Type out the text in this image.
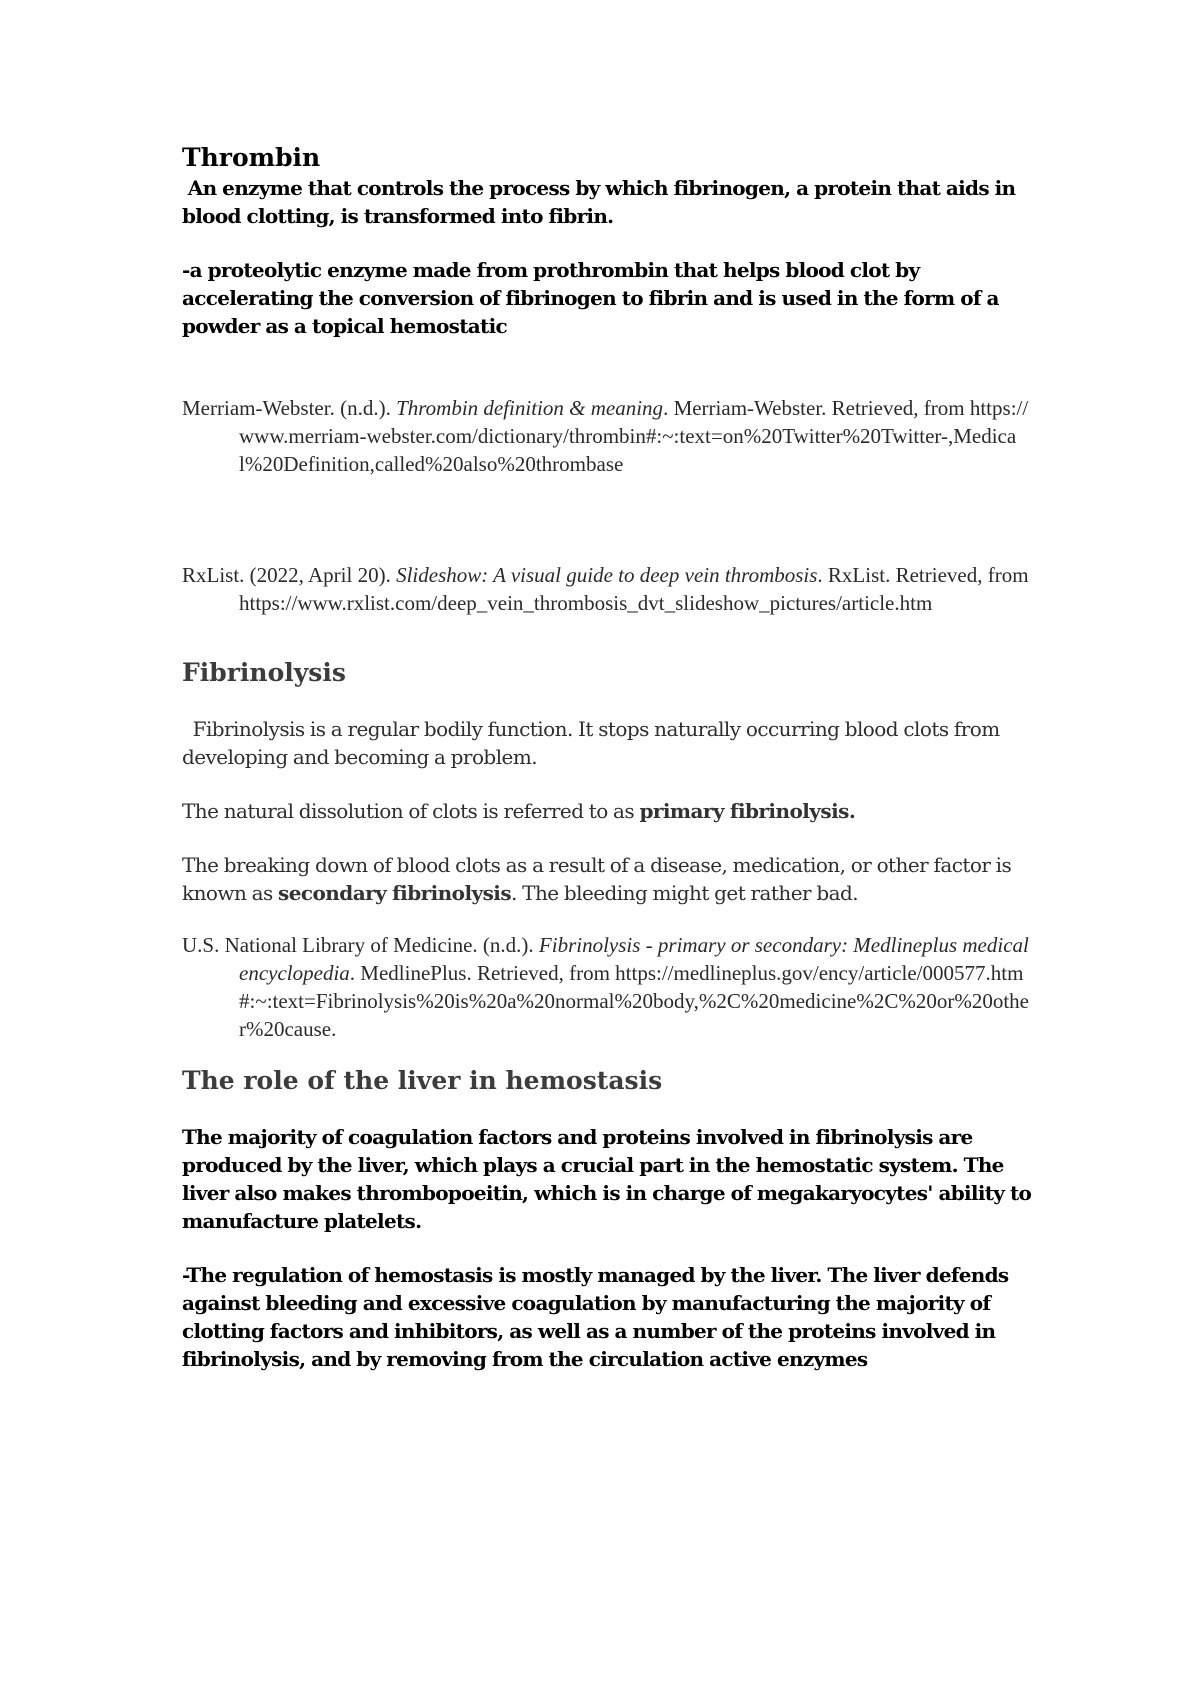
Thrombin

An enzyme that controls the process by which fibrinogen, a protein that aids in blood clotting, is transformed into fibrin.

-a proteolytic enzyme made from prothrombin that helps blood clot by accelerating the conversion of fibrinogen to fibrin and is used in the form of a powder as a topical hemostatic

Merriam-Webster. (n.d.). Thrombin definition & meaning. Merriam-Webster. Retrieved, from https://www.merriam-webster.com/dictionary/thrombin#:~:text=on%20Twitter%20Twitter-,Medical%20Definition,called%20also%20thrombase

RxList. (2022, April 20). Slideshow: A visual guide to deep vein thrombosis. RxList. Retrieved, from https://www.rxlist.com/deep_vein_thrombosis_dvt_slideshow_pictures/article.htm

Fibrinolysis

Fibrinolysis is a regular bodily function. It stops naturally occurring blood clots from developing and becoming a problem.

The natural dissolution of clots is referred to as primary fibrinolysis.

The breaking down of blood clots as a result of a disease, medication, or other factor is known as secondary fibrinolysis. The bleeding might get rather bad.

U.S. National Library of Medicine. (n.d.). Fibrinolysis - primary or secondary: Medlineplus medical encyclopedia. MedlinePlus. Retrieved, from https://medlineplus.gov/ency/article/000577.htm#:~:text=Fibrinolysis%20is%20a%20normal%20body,%2C%20medicine%2C%20or%20other%20cause.

The role of the liver in hemostasis

The majority of coagulation factors and proteins involved in fibrinolysis are produced by the liver, which plays a crucial part in the hemostatic system. The liver also makes thrombopoeitin, which is in charge of megakaryocytes' ability to manufacture platelets.

-The regulation of hemostasis is mostly managed by the liver. The liver defends against bleeding and excessive coagulation by manufacturing the majority of clotting factors and inhibitors, as well as a number of the proteins involved in fibrinolysis, and by removing from the circulation active enzymes
